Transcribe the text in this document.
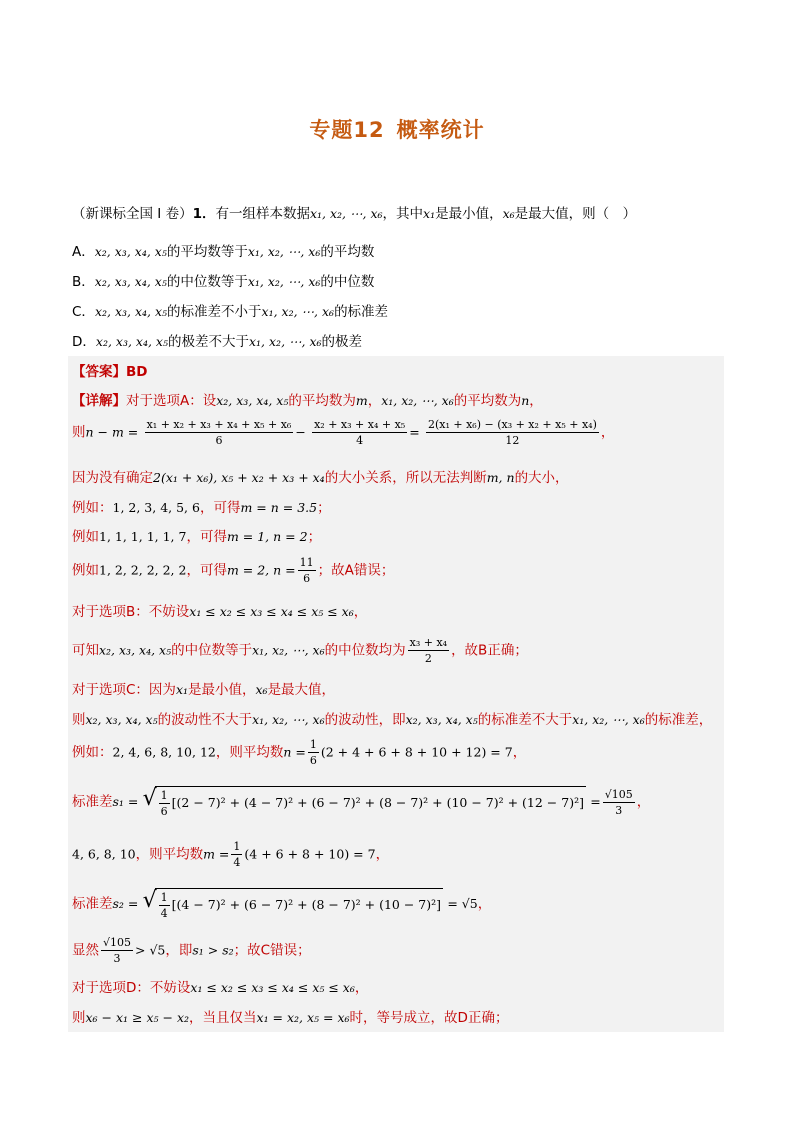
专题12 概率统计
（新课标全国 I 卷）1．有一组样本数据x₁, x₂, ⋯, x₆，其中x₁是最小值，x₆是最大值，则（　）
A．x₂, x₃, x₄, x₅的平均数等于x₁, x₂, ⋯, x₆的平均数
B．x₂, x₃, x₄, x₅的中位数等于x₁, x₂, ⋯, x₆的中位数
C．x₂, x₃, x₄, x₅的标准差不小于x₁, x₂, ⋯, x₆的标准差
D．x₂, x₃, x₄, x₅的极差不大于x₁, x₂, ⋯, x₆的极差
【答案】BD
【详解】对于选项A：设x₂, x₃, x₄, x₅的平均数为m，x₁, x₂, ⋯, x₆的平均数为n，
则$n - m = \frac{\text{x₁ + x₂ + x₃ + x₄ + x₅ + x₆}}{6} - \frac{\text{x₂ + x₃ + x₄ + x₅}}{4} = \frac{\text{2(x₁ + x₆) − (x₃ + x₂ + x₅ + x₄)}}{12}$ ，
因为没有确定2(x₁ + x₆), x₅ + x₂ + x₃ + x₄的大小关系，所以无法判断m, n的大小，
例如：1, 2, 3, 4, 5, 6，可得m = n = 3.5；
例如1, 1, 1, 1, 1, 7，可得m = 1, n = 2；
例如1, 2, 2, 2, 2, 2，可得m = 2, $n = \frac{11}{6}$ ；故A错误；
对于选项B：不妨设x₁ ≤ x₂ ≤ x₃ ≤ x₄ ≤ x₅ ≤ x₆，
可知x₂, x₃, x₄, x₅的中位数等于x₁, x₂, ⋯, x₆的中位数均为 $\frac{\text{x₃ + x₄}}{2}$ ，故B正确；
对于选项C：因为x₁是最小值，x₆是最大值，
则x₂, x₃, x₄, x₅的波动性不大于x₁, x₂, ⋯, x₆的波动性，即x₂, x₃, x₄, x₅的标准差不大于x₁, x₂, ⋯, x₆的标准差，
例如：2, 4, 6, 8, 10, 12，则平均数$n = \frac{1}{6} (2 + 4 + 6 + 8 + 10 + 12) = 7$，
标准差s₁ = √ $\frac{1}{6} [(2 - 7)^2 + (4 - 7)^2 + (6 - 7)^2 + (8 - 7)^2 + (10 - 7)^2 + (12 - 7)^2] = \frac{√105}{3}$ ，
4, 6, 8, 10，则平均数$m = \frac{1}{4} (4 + 6 + 8 + 10) = 7$，
标准差s₂ = √ $\frac{1}{4} [(4 - 7)^2 + (6 - 7)^2 + (8 - 7)^2 + (10 - 7)^2] = √5$，
显然 $\frac{√105}{3} > √5$，即s₁ > s₂；故C错误；
对于选项D：不妨设x₁ ≤ x₂ ≤ x₃ ≤ x₄ ≤ x₅ ≤ x₆，
则x₆ − x₁ ≥ x₅ − x₂，当且仅当x₁ = x₂, x₅ = x₆时，等号成立，故D正确；
